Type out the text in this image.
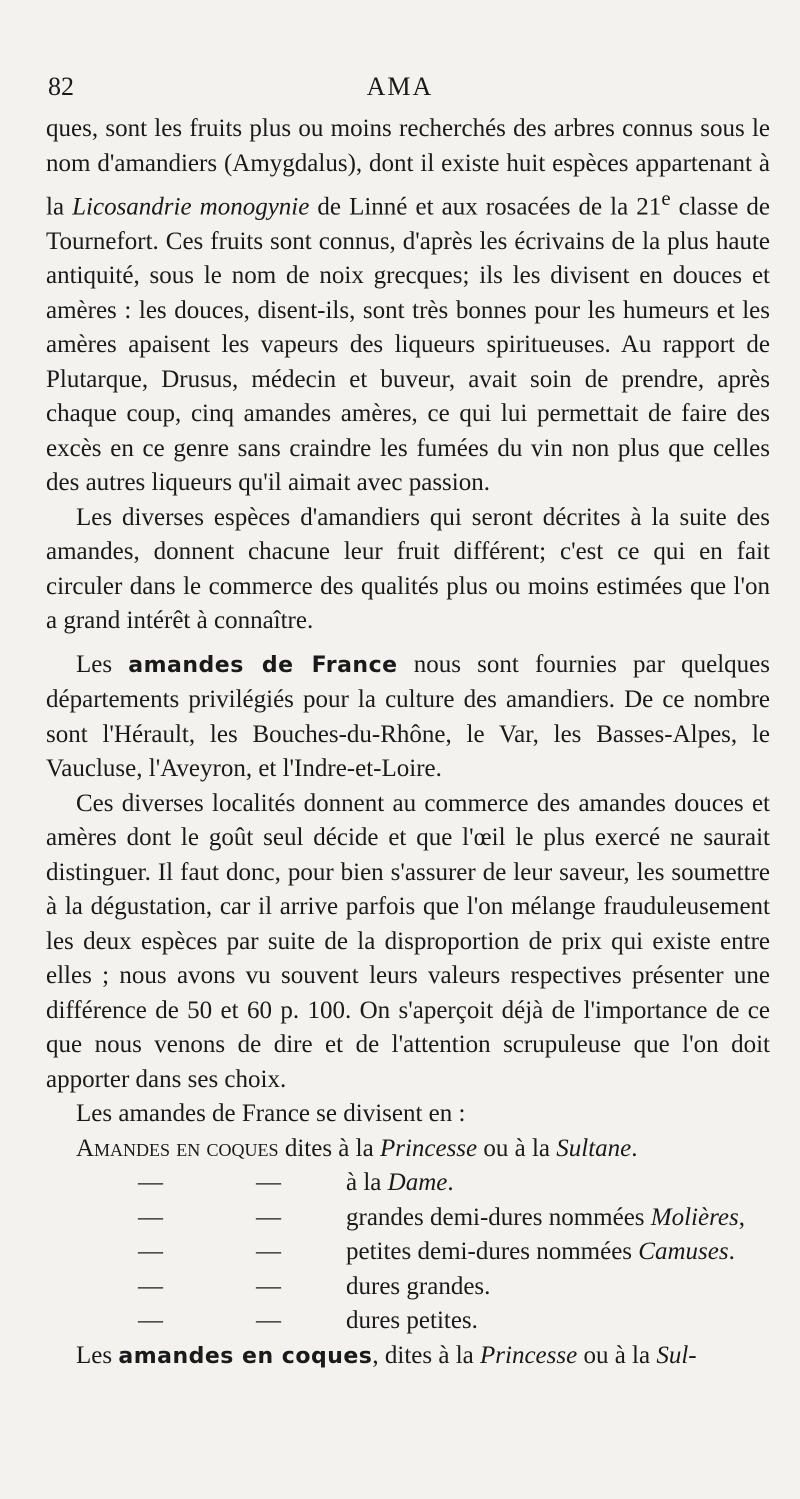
82	AMA

ques, sont les fruits plus ou moins recherchés des arbres connus sous le nom d'amandiers (Amygdalus), dont il existe huit espèces appartenant à la Licosandrie monogynie de Linné et aux rosacées de la 21e classe de Tournefort. Ces fruits sont connus, d'après les écrivains de la plus haute antiquité, sous le nom de noix grecques; ils les divisent en douces et amères : les douces, disent-ils, sont très bonnes pour les humeurs et les amères apaisent les vapeurs des liqueurs spiritueuses. Au rapport de Plutarque, Drusus, médecin et buveur, avait soin de prendre, après chaque coup, cinq amandes amères, ce qui lui permettait de faire des excès en ce genre sans craindre les fumées du vin non plus que celles des autres liqueurs qu'il aimait avec passion.

Les diverses espèces d'amandiers qui seront décrites à la suite des amandes, donnent chacune leur fruit différent; c'est ce qui en fait circuler dans le commerce des qualités plus ou moins estimées que l'on a grand intérêt à connaître.

Les amandes de France nous sont fournies par quelques départements privilégiés pour la culture des amandiers. De ce nombre sont l'Hérault, les Bouches-du-Rhône, le Var, les Basses-Alpes, le Vaucluse, l'Aveyron, et l'Indre-et-Loire.

Ces diverses localités donnent au commerce des amandes douces et amères dont le goût seul décide et que l'œil le plus exercé ne saurait distinguer. Il faut donc, pour bien s'assurer de leur saveur, les soumettre à la dégustation, car il arrive parfois que l'on mélange frauduleusement les deux espèces par suite de la disproportion de prix qui existe entre elles ; nous avons vu souvent leurs valeurs respectives présenter une différence de 50 et 60 p. 100. On s'aperçoit déjà de l'importance de ce que nous venons de dire et de l'attention scrupuleuse que l'on doit apporter dans ses choix.

Les amandes de France se divisent en :

Amandes en coques dites à la Princesse ou à la Sultane.
—	—	à la Dame.
—	—	grandes demi-dures nommées Molières,
—	—	petites demi-dures nommées Camuses.
—	—	dures grandes.
—	—	dures petites.

Les amandes en coques, dites à la Princesse ou à la Sul-
